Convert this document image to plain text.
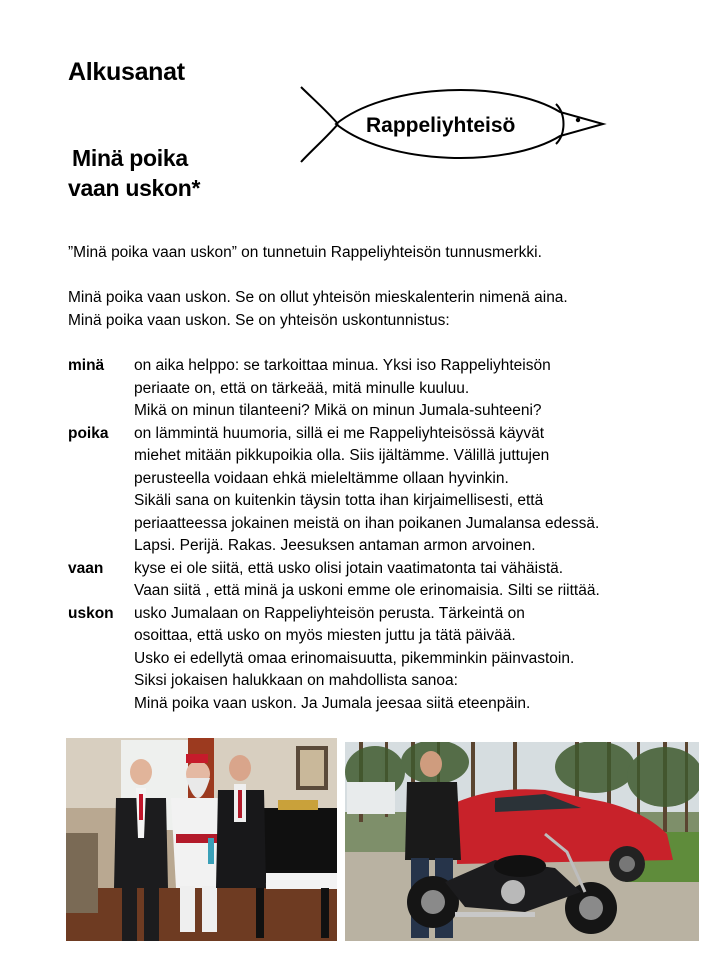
Alkusanat
Minä poika
vaan uskon*
Rappeliyhteisö

”Minä poika vaan uskon” on tunnetuin Rappeliyhteisön tunnusmerkki.

Minä poika vaan uskon. Se on ollut yhteisön mieskalenterin nimenä aina.

Minä poika vaan uskon. Se on yhteisön uskontunnistus:

minä	on aika helppo: se tarkoittaa minua. Yksi iso Rappeliyhteisön
periaate on, että on tärkeää, mitä minulle kuuluu.
Mikä on minun tilanteeni? Mikä on minun Jumala-suhteeni?
poika	on lämmintä huumoria, sillä ei me Rappeliyhteisössä käyvät
miehet mitään pikkupoikia olla. Siis ijältämme. Välillä juttujen
perusteella voidaan ehkä mieleltämme ollaan hyvinkin.
Sikäli sana on kuitenkin täysin totta ihan kirjaimellisesti, että
periaatteessa jokainen meistä on ihan poikanen Jumalansa edessä.
Lapsi. Perijä. Rakas. Jeesuksen antaman armon arvoinen.
vaan	kyse ei ole siitä, että usko olisi jotain vaatimatonta tai vähäistä.
Vaan siitä , että minä ja uskoni emme ole erinomaisia. Silti se riittää.
uskon	usko Jumalaan on Rappeliyhteisön perusta. Tärkeintä on
osoittaa, että usko on myös miesten juttu ja tätä päivää.
Usko ei edellytä omaa erinomaisuutta, pikemminkin päinvastoin.
Siksi jokaisen halukkaan on mahdollista sanoa:
Minä poika vaan uskon. Ja Jumala jeesaa siitä eteenpäin.
